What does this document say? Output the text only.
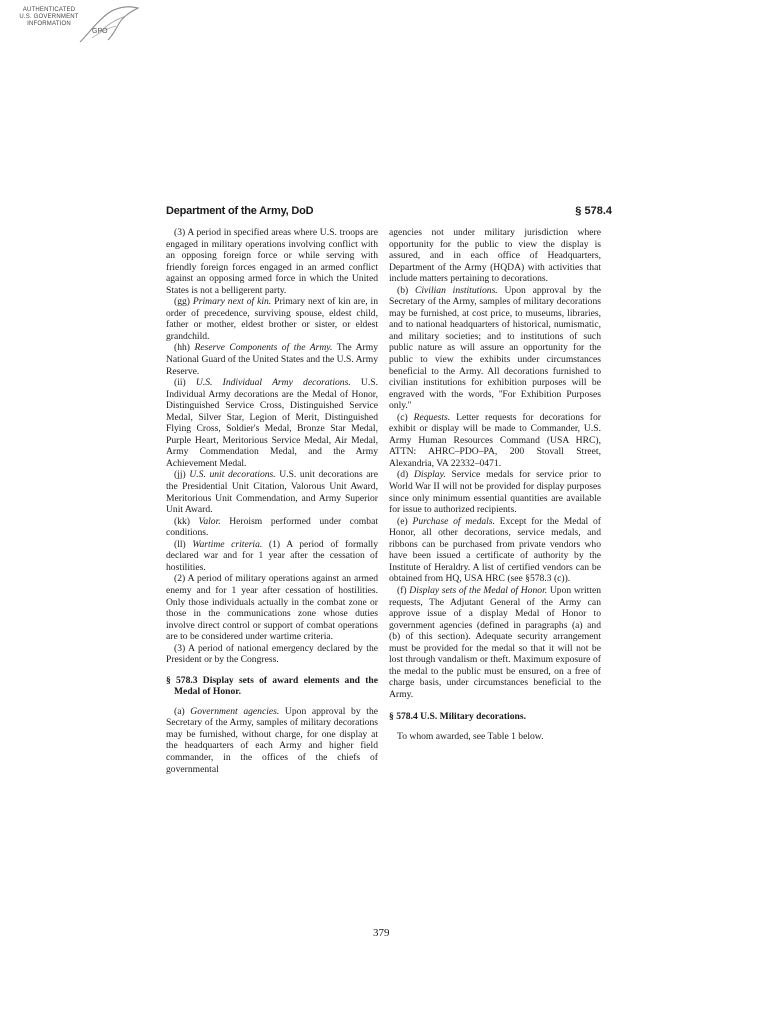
AUTHENTICATED
U.S. GOVERNMENT
INFORMATION
GPO
Department of the Army, DoD	§ 578.4

(3) A period in specified areas where U.S. troops are engaged in military operations involving conflict with an opposing foreign force or while serving with friendly foreign forces engaged in an armed conflict against an opposing armed force in which the United States is not a belligerent party.

(gg) Primary next of kin. Primary next of kin are, in order of precedence, surviving spouse, eldest child, father or mother, eldest brother or sister, or eldest grandchild.

(hh) Reserve Components of the Army. The Army National Guard of the United States and the U.S. Army Reserve.

(ii) U.S. Individual Army decorations. U.S. Individual Army decorations are the Medal of Honor, Distinguished Service Cross, Distinguished Service Medal, Silver Star, Legion of Merit, Distinguished Flying Cross, Soldier's Medal, Bronze Star Medal, Purple Heart, Meritorious Service Medal, Air Medal, Army Commendation Medal, and the Army Achievement Medal.

(jj) U.S. unit decorations. U.S. unit decorations are the Presidential Unit Citation, Valorous Unit Award, Meritorious Unit Commendation, and Army Superior Unit Award.

(kk) Valor. Heroism performed under combat conditions.

(ll) Wartime criteria. (1) A period of formally declared war and for 1 year after the cessation of hostilities.

(2) A period of military operations against an armed enemy and for 1 year after cessation of hostilities. Only those individuals actually in the combat zone or those in the communications zone whose duties involve direct control or support of combat operations are to be considered under wartime criteria.

(3) A period of national emergency declared by the President or by the Congress.

§ 578.3 Display sets of award elements and the Medal of Honor.

(a) Government agencies. Upon approval by the Secretary of the Army, samples of military decorations may be furnished, without charge, for one display at the headquarters of each Army and higher field commander, in the offices of the chiefs of governmental

agencies not under military jurisdiction where opportunity for the public to view the display is assured, and in each office of Headquarters, Department of the Army (HQDA) with activities that include matters pertaining to decorations.

(b) Civilian institutions. Upon approval by the Secretary of the Army, samples of military decorations may be furnished, at cost price, to museums, libraries, and to national headquarters of historical, numismatic, and military societies; and to institutions of such public nature as will assure an opportunity for the public to view the exhibits under circumstances beneficial to the Army. All decorations furnished to civilian institutions for exhibition purposes will be engraved with the words, ''For Exhibition Purposes only.''

(c) Requests. Letter requests for decorations for exhibit or display will be made to Commander, U.S. Army Human Resources Command (USA HRC), ATTN: AHRC–PDO–PA, 200 Stovall Street, Alexandria, VA 22332–0471.

(d) Display. Service medals for service prior to World War II will not be provided for display purposes since only minimum essential quantities are available for issue to authorized recipients.

(e) Purchase of medals. Except for the Medal of Honor, all other decorations, service medals, and ribbons can be purchased from private vendors who have been issued a certificate of authority by the Institute of Heraldry. A list of certified vendors can be obtained from HQ, USA HRC (see §578.3 (c)).

(f) Display sets of the Medal of Honor. Upon written requests, The Adjutant General of the Army can approve issue of a display Medal of Honor to government agencies (defined in paragraphs (a) and (b) of this section). Adequate security arrangement must be provided for the medal so that it will not be lost through vandalism or theft. Maximum exposure of the medal to the public must be ensured, on a free of charge basis, under circumstances beneficial to the Army.

§ 578.4 U.S. Military decorations.

To whom awarded, see Table 1 below.

379
